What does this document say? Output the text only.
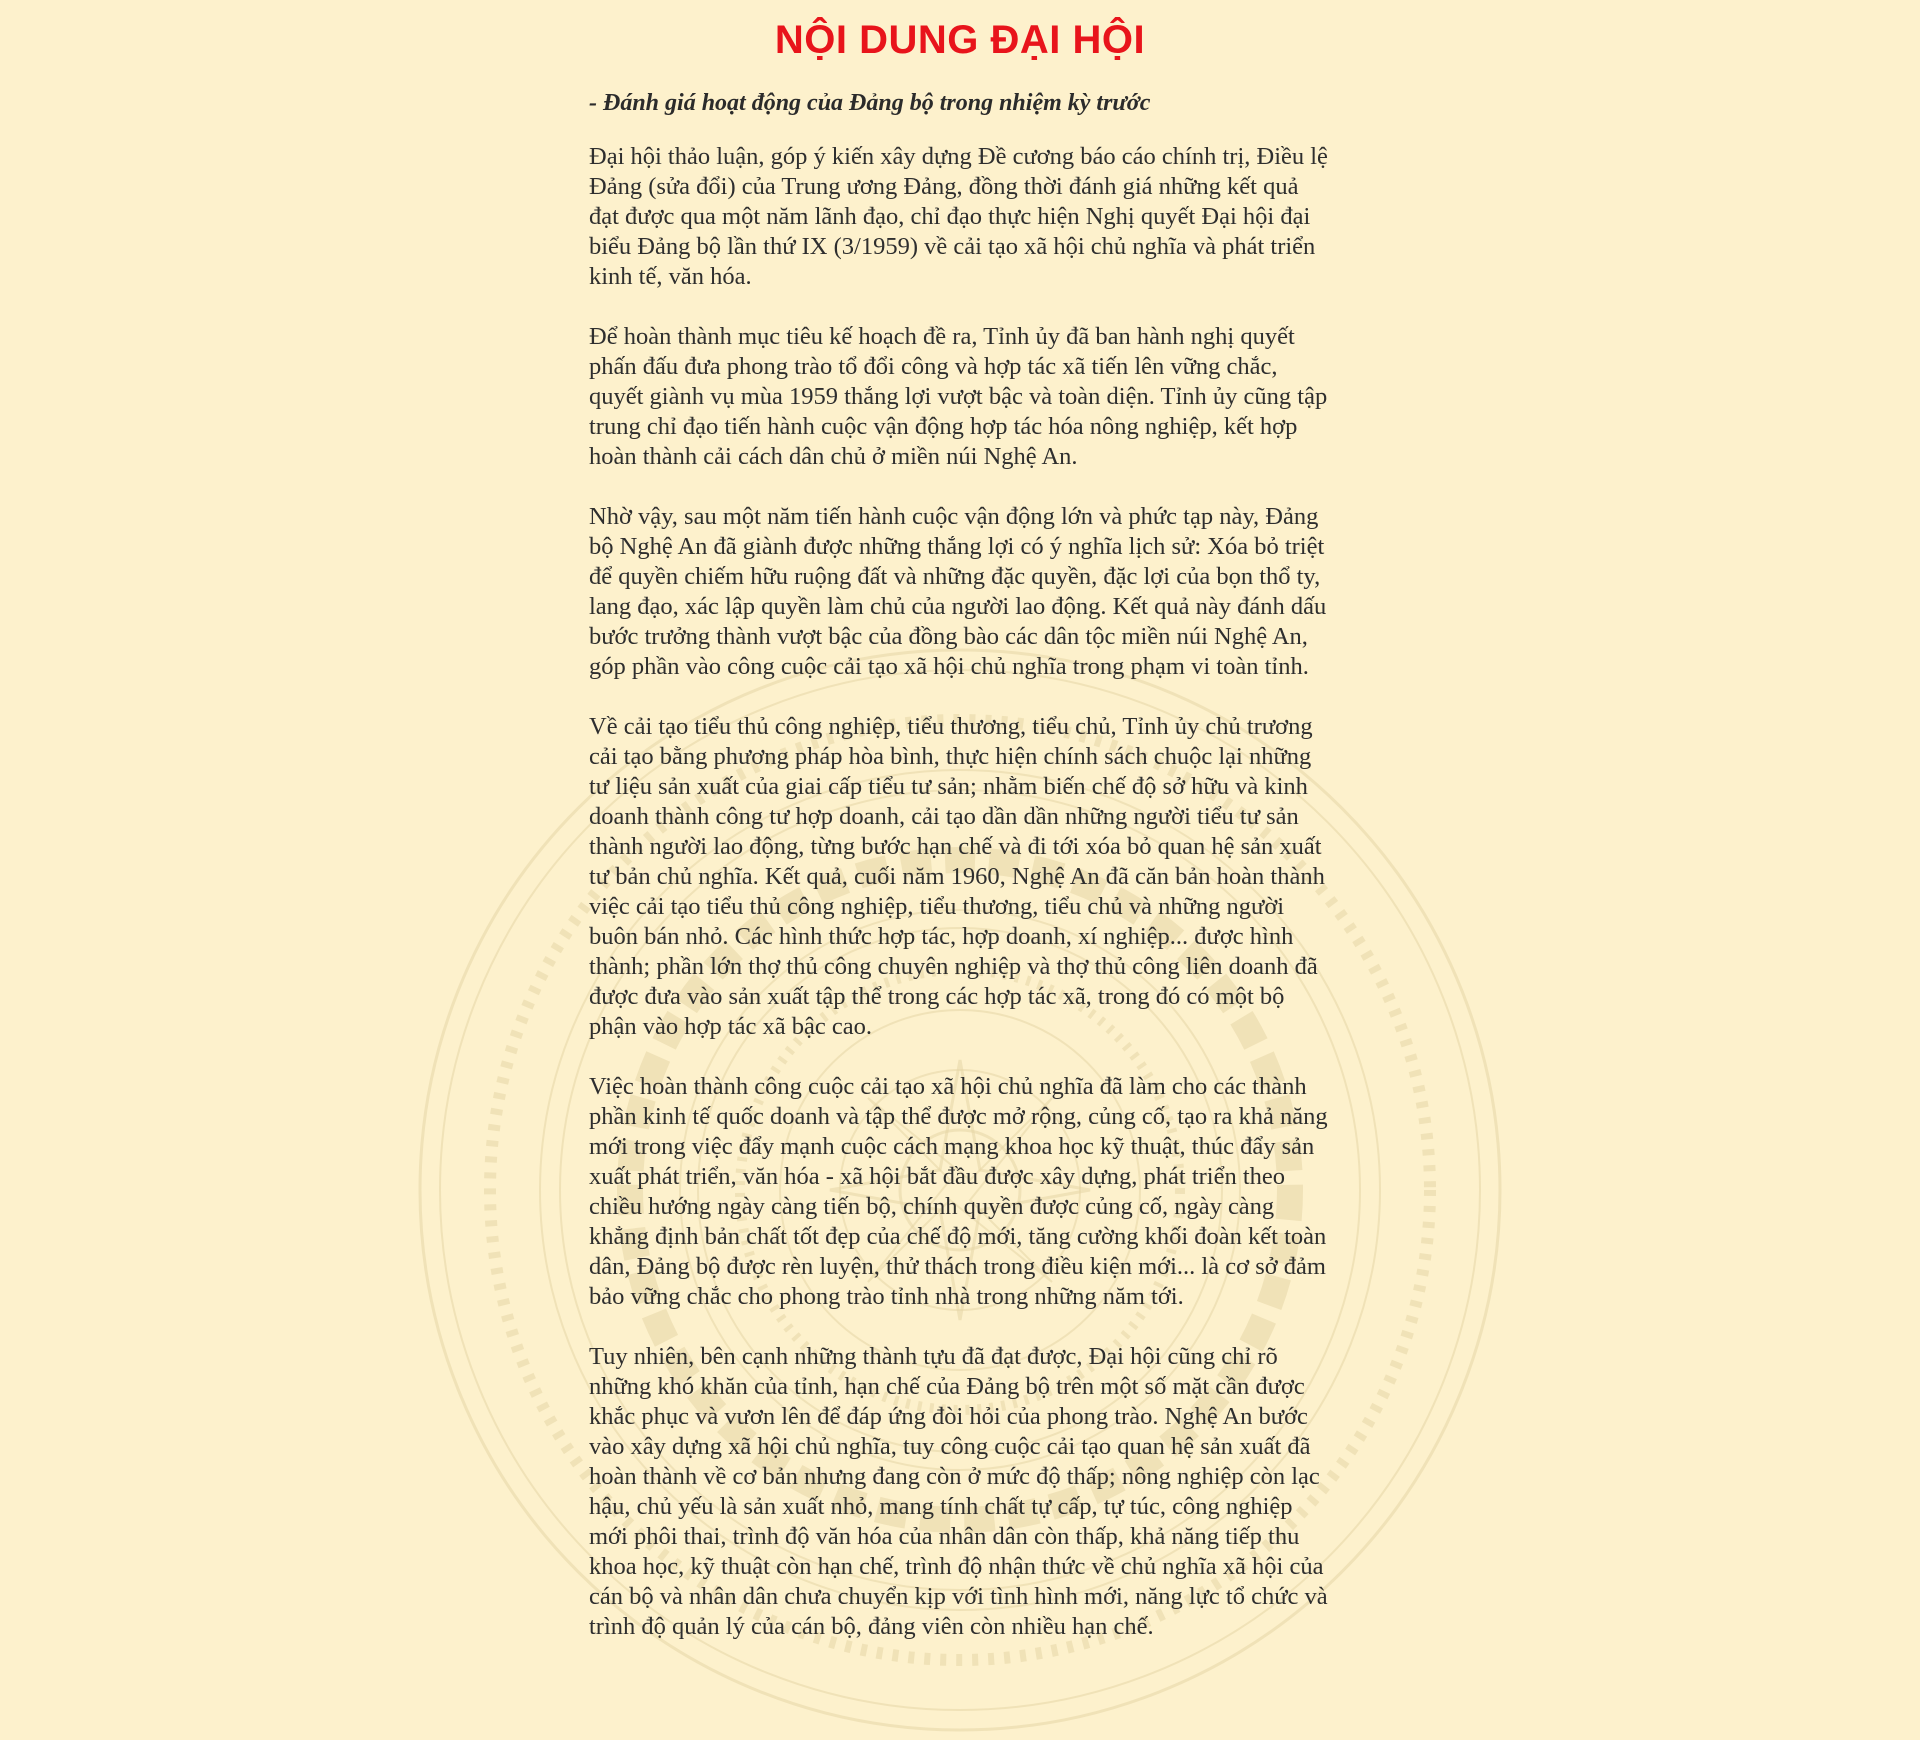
NỘI DUNG ĐẠI HỘI

- Đánh giá hoạt động của Đảng bộ trong nhiệm kỳ trước

Đại hội thảo luận, góp ý kiến xây dựng Đề cương báo cáo chính trị, Điều lệ Đảng (sửa đổi) của Trung ương Đảng, đồng thời đánh giá những kết quả đạt được qua một năm lãnh đạo, chỉ đạo thực hiện Nghị quyết Đại hội đại biểu Đảng bộ lần thứ IX (3/1959) về cải tạo xã hội chủ nghĩa và phát triển kinh tế, văn hóa.

Để hoàn thành mục tiêu kế hoạch đề ra, Tỉnh ủy đã ban hành nghị quyết phấn đấu đưa phong trào tổ đổi công và hợp tác xã tiến lên vững chắc, quyết giành vụ mùa 1959 thắng lợi vượt bậc và toàn diện. Tỉnh ủy cũng tập trung chỉ đạo tiến hành cuộc vận động hợp tác hóa nông nghiệp, kết hợp hoàn thành cải cách dân chủ ở miền núi Nghệ An.

Nhờ vậy, sau một năm tiến hành cuộc vận động lớn và phức tạp này, Đảng bộ Nghệ An đã giành được những thắng lợi có ý nghĩa lịch sử: Xóa bỏ triệt để quyền chiếm hữu ruộng đất và những đặc quyền, đặc lợi của bọn thổ ty, lang đạo, xác lập quyền làm chủ của người lao động. Kết quả này đánh dấu bước trưởng thành vượt bậc của đồng bào các dân tộc miền núi Nghệ An, góp phần vào công cuộc cải tạo xã hội chủ nghĩa trong phạm vi toàn tỉnh.

Về cải tạo tiểu thủ công nghiệp, tiểu thương, tiểu chủ, Tỉnh ủy chủ trương cải tạo bằng phương pháp hòa bình, thực hiện chính sách chuộc lại những tư liệu sản xuất của giai cấp tiểu tư sản; nhằm biến chế độ sở hữu và kinh doanh thành công tư hợp doanh, cải tạo dần dần những người tiểu tư sản thành người lao động, từng bước hạn chế và đi tới xóa bỏ quan hệ sản xuất tư bản chủ nghĩa. Kết quả, cuối năm 1960, Nghệ An đã căn bản hoàn thành việc cải tạo tiểu thủ công nghiệp, tiểu thương, tiểu chủ và những người buôn bán nhỏ. Các hình thức hợp tác, hợp doanh, xí nghiệp... được hình thành; phần lớn thợ thủ công chuyên nghiệp và thợ thủ công liên doanh đã được đưa vào sản xuất tập thể trong các hợp tác xã, trong đó có một bộ phận vào hợp tác xã bậc cao.

Việc hoàn thành công cuộc cải tạo xã hội chủ nghĩa đã làm cho các thành phần kinh tế quốc doanh và tập thể được mở rộng, củng cố, tạo ra khả năng mới trong việc đẩy mạnh cuộc cách mạng khoa học kỹ thuật, thúc đẩy sản xuất phát triển, văn hóa - xã hội bắt đầu được xây dựng, phát triển theo chiều hướng ngày càng tiến bộ, chính quyền được củng cố, ngày càng khẳng định bản chất tốt đẹp của chế độ mới, tăng cường khối đoàn kết toàn dân, Đảng bộ được rèn luyện, thử thách trong điều kiện mới... là cơ sở đảm bảo vững chắc cho phong trào tỉnh nhà trong những năm tới.

Tuy nhiên, bên cạnh những thành tựu đã đạt được, Đại hội cũng chỉ rõ những khó khăn của tỉnh, hạn chế của Đảng bộ trên một số mặt cần được khắc phục và vươn lên để đáp ứng đòi hỏi của phong trào. Nghệ An bước vào xây dựng xã hội chủ nghĩa, tuy công cuộc cải tạo quan hệ sản xuất đã hoàn thành về cơ bản nhưng đang còn ở mức độ thấp; nông nghiệp còn lạc hậu, chủ yếu là sản xuất nhỏ, mang tính chất tự cấp, tự túc, công nghiệp mới phôi thai, trình độ văn hóa của nhân dân còn thấp, khả năng tiếp thu khoa học, kỹ thuật còn hạn chế, trình độ nhận thức về chủ nghĩa xã hội của cán bộ và nhân dân chưa chuyển kịp với tình hình mới, năng lực tổ chức và trình độ quản lý của cán bộ, đảng viên còn nhiều hạn chế.
